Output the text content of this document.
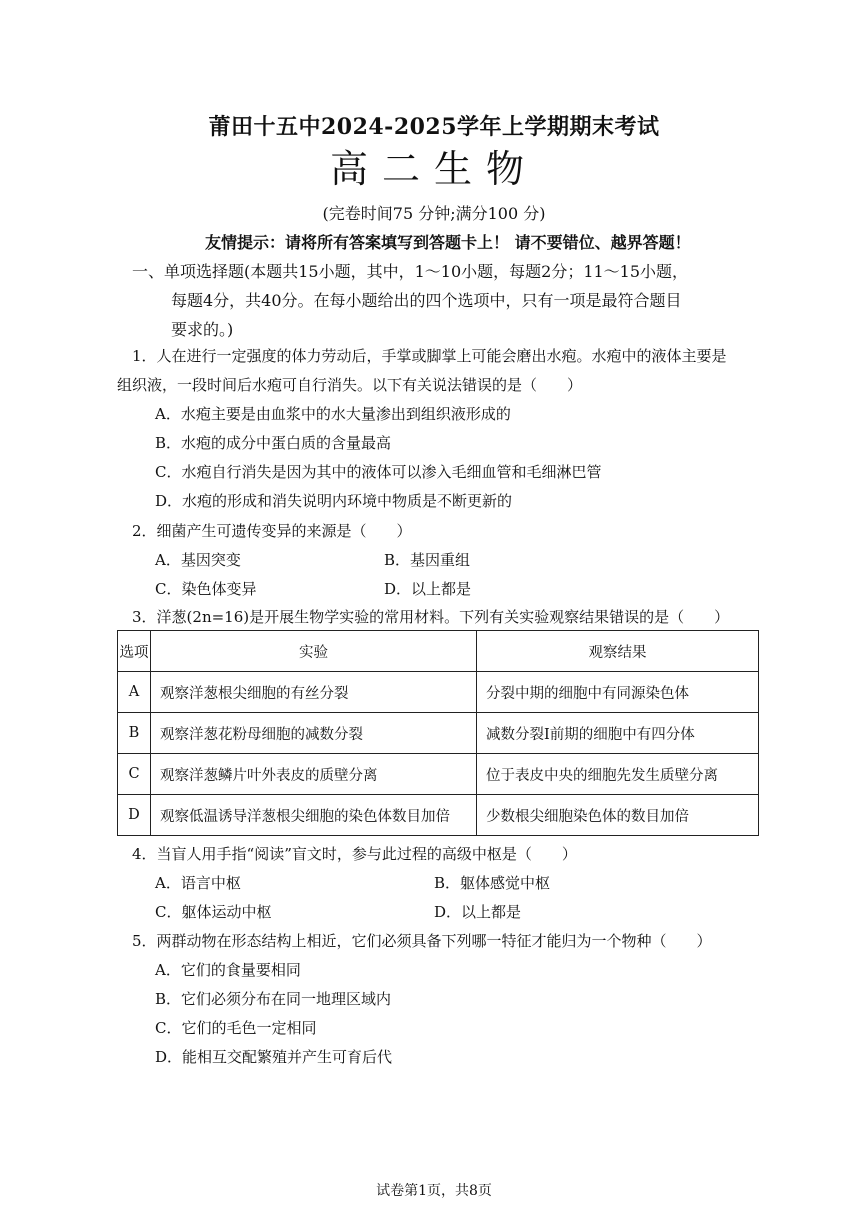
莆田十五中2024-2025学年上学期期末考试
高二生物
(完卷时间75 分钟;满分100 分)
友情提示：请将所有答案填写到答题卡上！ 请不要错位、越界答题！
一、单项选择题(本题共15小题，其中，1～10小题，每题2分；11～15小题，
每题4分，共40分。在每小题给出的四个选项中，只有一项是最符合题目
要求的。)
1．人在进行一定强度的体力劳动后，手掌或脚掌上可能会磨出水疱。水疱中的液体主要是
组织液，一段时间后水疱可自行消失。以下有关说法错误的是（　　）
A．水疱主要是由血浆中的水大量渗出到组织液形成的
B．水疱的成分中蛋白质的含量最高
C．水疱自行消失是因为其中的液体可以渗入毛细血管和毛细淋巴管
D．水疱的形成和消失说明内环境中物质是不断更新的
2．细菌产生可遗传变异的来源是（　　）
A．基因突变	B．基因重组
C．染色体变异	D．以上都是
3．洋葱(2n=16)是开展生物学实验的常用材料。下列有关实验观察结果错误的是（　　）
选项	实验	观察结果
A	观察洋葱根尖细胞的有丝分裂	分裂中期的细胞中有同源染色体
B	观察洋葱花粉母细胞的减数分裂	减数分裂Ⅰ前期的细胞中有四分体
C	观察洋葱鳞片叶外表皮的质壁分离	位于表皮中央的细胞先发生质壁分离
D	观察低温诱导洋葱根尖细胞的染色体数目加倍	少数根尖细胞染色体的数目加倍
4．当盲人用手指“阅读”盲文时，参与此过程的高级中枢是（　　）
A．语言中枢	B．躯体感觉中枢
C．躯体运动中枢	D．以上都是
5．两群动物在形态结构上相近，它们必须具备下列哪一特征才能归为一个物种（　　）
A．它们的食量要相同
B．它们必须分布在同一地理区域内
C．它们的毛色一定相同
D．能相互交配繁殖并产生可育后代
试卷第1页，共8页
